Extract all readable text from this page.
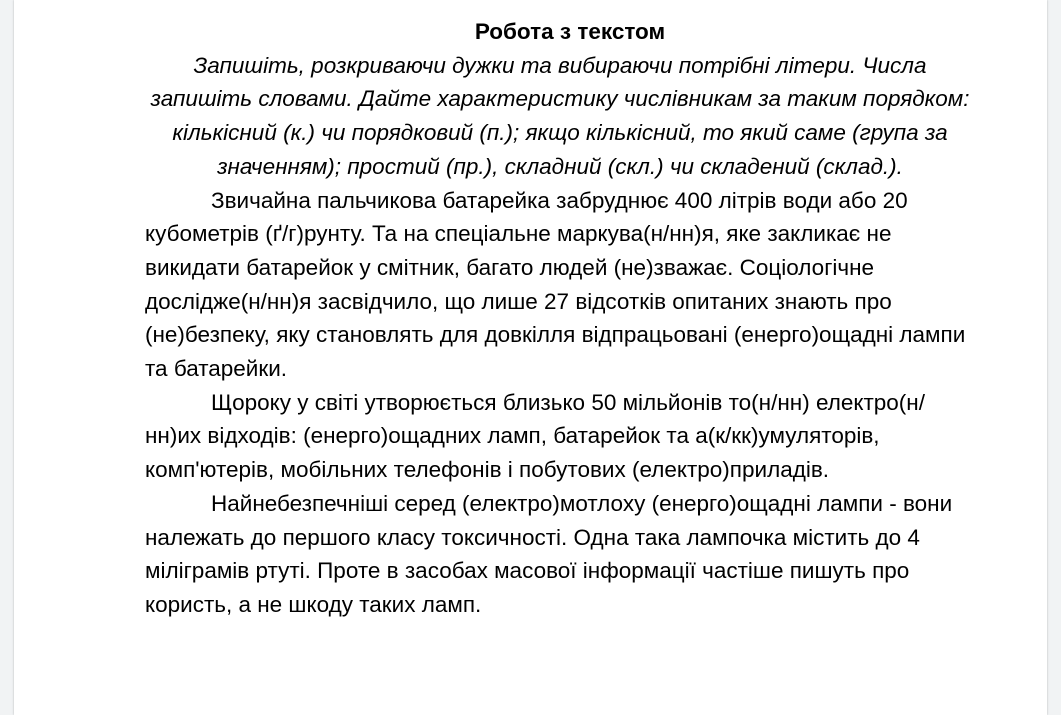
Робота з текстом

Запишіть, розкриваючи дужки та вибираючи потрібні літери. Числа запишіть словами. Дайте характеристику числівникам за таким порядком: кількісний (к.) чи порядковий (п.); якщо кількісний, то який саме (група за значенням); простий (пр.), складний (скл.) чи складений (склад.).

Звичайна пальчикова батарейка забруднює 400 літрів води або 20 кубометрів (ґ/г)рунту. Та на спеціальне маркува(н/нн)я, яке закликає не викидати батарейок у смітник, багато людей (не)зважає. Соціологічне дослідже(н/нн)я засвідчило, що лише 27 відсотків опитаних знають про (не)безпеку, яку становлять для довкілля відпрацьовані (енерго)ощадні лампи та батарейки.

Щороку у світі утворюється близько 50 мільйонів то(н/нн) електро(н/нн)их відходів: (енерго)ощадних ламп, батарейок та а(к/кк)умуляторів, комп'ютерів, мобільних телефонів і побутових (електро)приладів.

Найнебезпечніші серед (електро)мотлоху (енерго)ощадні лампи - вони належать до першого класу токсичності. Одна така лампочка містить до 4 міліграмів ртуті. Проте в засобах масової інформації частіше пишуть про користь, а не шкоду таких ламп.
